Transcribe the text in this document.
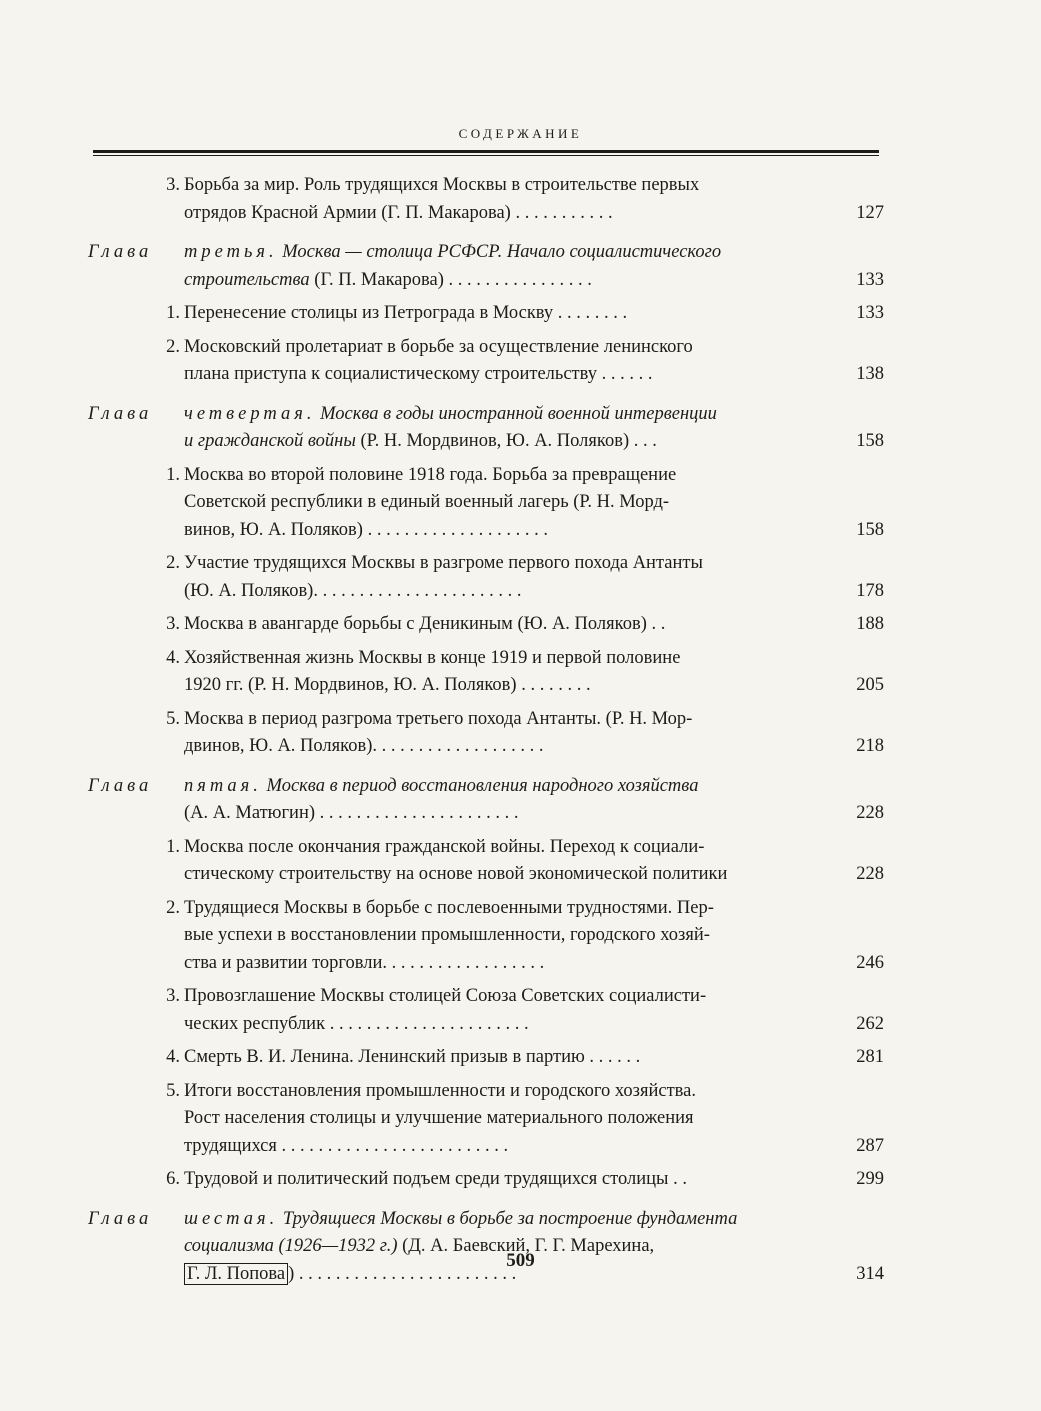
СОДЕРЖАНИЕ
3. Борьба за мир. Роль трудящихся Москвы в строительстве первых
отрядов Красной Армии (Г. П. Макарова) . . . . . . . . . . .	127
Глава третья. Москва — столица РСФСР. Начало социалистического
строительства (Г. П. Макарова) . . . . . . . . . . . . . . . .	133
1. Перенесение столицы из Петрограда в Москву . . . . . . . .	133
2. Московский пролетариат в борьбе за осуществление ленинского
плана приступа к социалистическому строительству . . . . . .	138
Глава четвертая. Москва в годы иностранной военной интервенции
и гражданской войны (Р. Н. Мордвинов, Ю. А. Поляков) . . .	158
1. Москва во второй половине 1918 года. Борьба за превращение
Советской республики в единый военный лагерь (Р. Н. Морд-
винов, Ю. А. Поляков) . . . . . . . . . . . . . . . . . . . .	158
2. Участие трудящихся Москвы в разгроме первого похода Антанты
(Ю. А. Поляков). . . . . . . . . . . . . . . . . . . . . . .	178
3. Москва в авангарде борьбы с Деникиным (Ю. А. Поляков) . .	188
4. Хозяйственная жизнь Москвы в конце 1919 и первой половине
1920 гг. (Р. Н. Мордвинов, Ю. А. Поляков) . . . . . . . .	205
5. Москва в период разгрома третьего похода Антанты. (Р. Н. Мор-
двинов, Ю. А. Поляков). . . . . . . . . . . . . . . . . . .	218
Глава пятая. Москва в период восстановления народного хозяйства
(А. А. Матюгин) . . . . . . . . . . . . . . . . . . . . . .	228
1. Москва после окончания гражданской войны. Переход к социали-
стическому строительству на основе новой экономической политики	228
2. Трудящиеся Москвы в борьбе с послевоенными трудностями. Пер-
вые успехи в восстановлении промышленности, городского хозяй-
ства и развитии торговли. . . . . . . . . . . . . . . . . .	246
3. Провозглашение Москвы столицей Союза Советских социалисти-
ческих республик . . . . . . . . . . . . . . . . . . . . . .	262
4. Смерть В. И. Ленина. Ленинский призыв в партию . . . . . .	281
5. Итоги восстановления промышленности и городского хозяйства.
Рост населения столицы и улучшение материального положения
трудящихся . . . . . . . . . . . . . . . . . . . . . . . . .	287
6. Трудовой и политический подъем среди трудящихся столицы . .	299
Глава шестая. Трудящиеся Москвы в борьбе за построение фундамента
социализма (1926—1932 г.) (Д. А. Баевский, Г. Г. Марехина,
Г. Л. Попова ) . . . . . . . . . . . . . . . . . . . . . . . .	314
509
